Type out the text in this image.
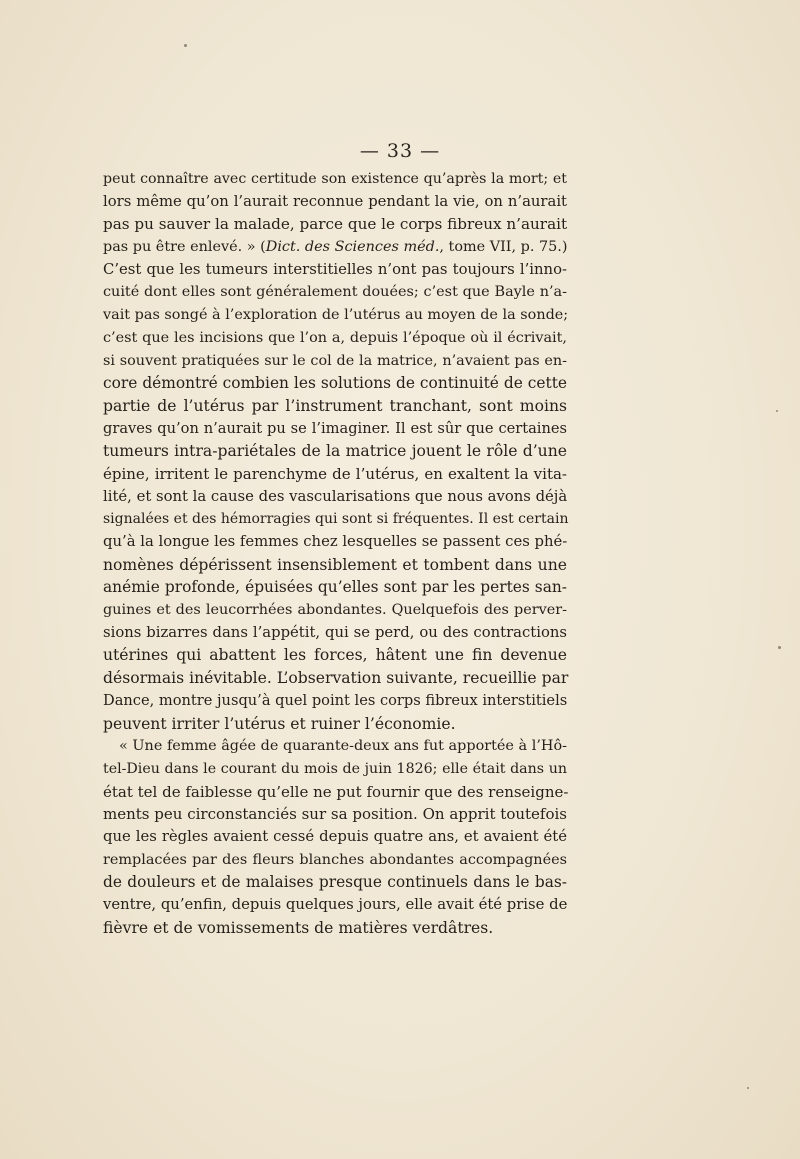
— 33 —
peut connaître avec certitude son existence qu’après la mort; et
lors même qu’on l’aurait reconnue pendant la vie, on n’aurait
pas pu sauver la malade, parce que le corps fibreux n’aurait
pas pu être enlevé. » (Dict. des Sciences méd., tome VII, p. 75.)
C’est que les tumeurs interstitielles n’ont pas toujours l’inno-
cuité dont elles sont généralement douées; c’est que Bayle n’a-
vait pas songé à l’exploration de l’utérus au moyen de la sonde;
c’est que les incisions que l’on a, depuis l’époque où il écrivait,
si souvent pratiquées sur le col de la matrice, n’avaient pas en-
core démontré combien les solutions de continuité de cette
partie de l’utérus par l’instrument tranchant, sont moins
graves qu’on n’aurait pu se l’imaginer. Il est sûr que certaines
tumeurs intra-pariétales de la matrice jouent le rôle d’une
épine, irritent le parenchyme de l’utérus, en exaltent la vita-
lité, et sont la cause des vascularisations que nous avons déjà
signalées et des hémorragies qui sont si fréquentes. Il est certain
qu’à la longue les femmes chez lesquelles se passent ces phé-
nomènes dépérissent insensiblement et tombent dans une
anémie profonde, épuisées qu’elles sont par les pertes san-
guines et des leucorrhées abondantes. Quelquefois des perver-
sions bizarres dans l’appétit, qui se perd, ou des contractions
utérines qui abattent les forces, hâtent une fin devenue
désormais inévitable. L’observation suivante, recueillie par
Dance, montre jusqu’à quel point les corps fibreux interstitiels
peuvent irriter l’utérus et ruiner l’économie.
« Une femme âgée de quarante-deux ans fut apportée à l’Hô-
tel-Dieu dans le courant du mois de juin 1826; elle était dans un
état tel de faiblesse qu’elle ne put fournir que des renseigne-
ments peu circonstanciés sur sa position. On apprit toutefois
que les règles avaient cessé depuis quatre ans, et avaient été
remplacées par des fleurs blanches abondantes accompagnées
de douleurs et de malaises presque continuels dans le bas-
ventre, qu’enfin, depuis quelques jours, elle avait été prise de
fièvre et de vomissements de matières verdâtres.
